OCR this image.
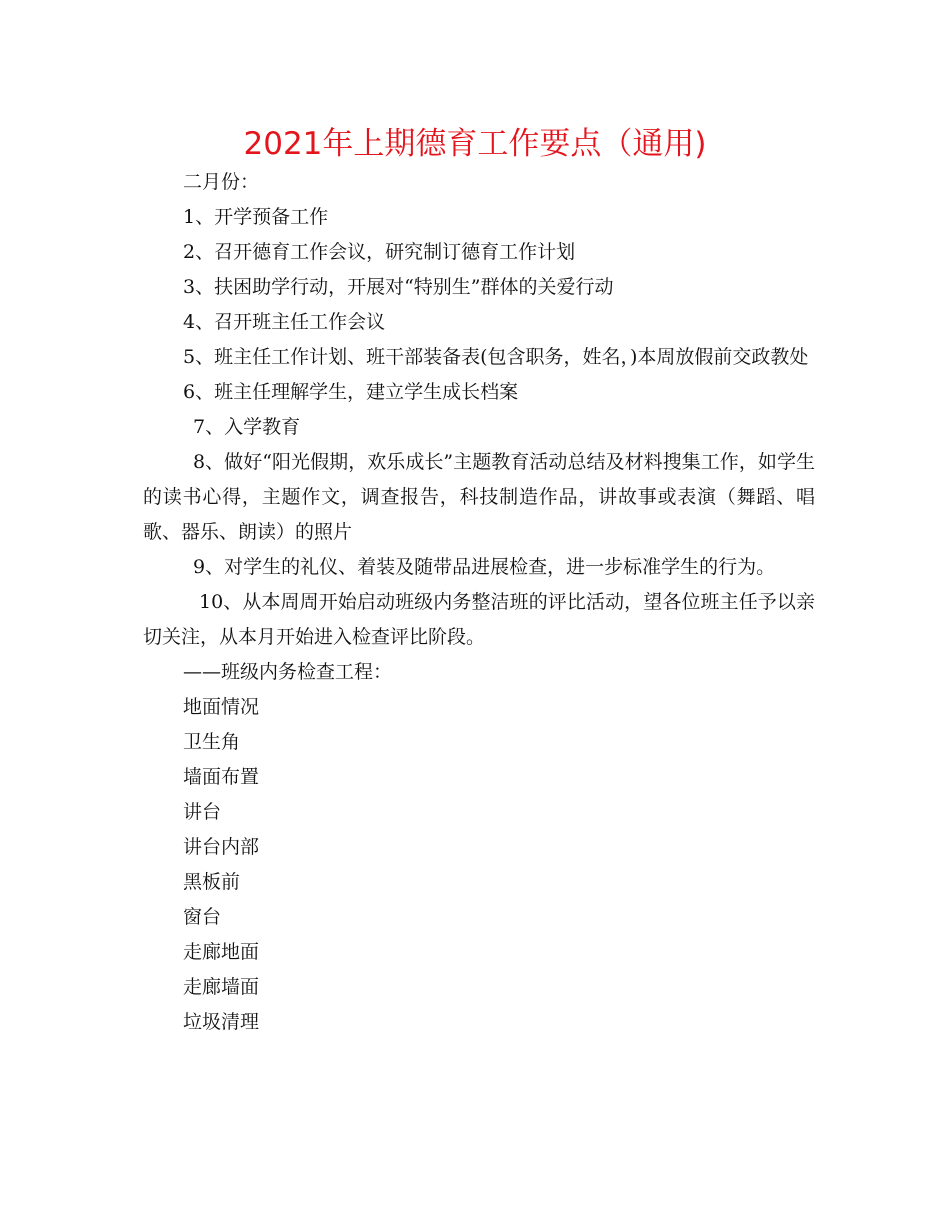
2021年上期德育工作要点（通用)

二月份：

1、开学预备工作

2、召开德育工作会议，研究制订德育工作计划

3、扶困助学行动，开展对“特别生”群体的关爱行动

4、召开班主任工作会议

5、班主任工作计划、班干部装备表(包含职务，姓名，)本周放假前交政教处

6、班主任理解学生，建立学生成长档案

7、入学教育

8、做好“阳光假期，欢乐成长”主题教育活动总结及材料搜集工作，如学生的读书心得，主题作文，调查报告，科技制造作品，讲故事或表演（舞蹈、唱歌、器乐、朗读）的照片

9、对学生的礼仪、着装及随带品进展检查，进一步标准学生的行为。

10、从本周周开始启动班级内务整洁班的评比活动，望各位班主任予以亲切关注，从本月开始进入检查评比阶段。

——班级内务检查工程：

地面情况

卫生角

墙面布置

讲台

讲台内部

黑板前

窗台

走廊地面

走廊墙面

垃圾清理
